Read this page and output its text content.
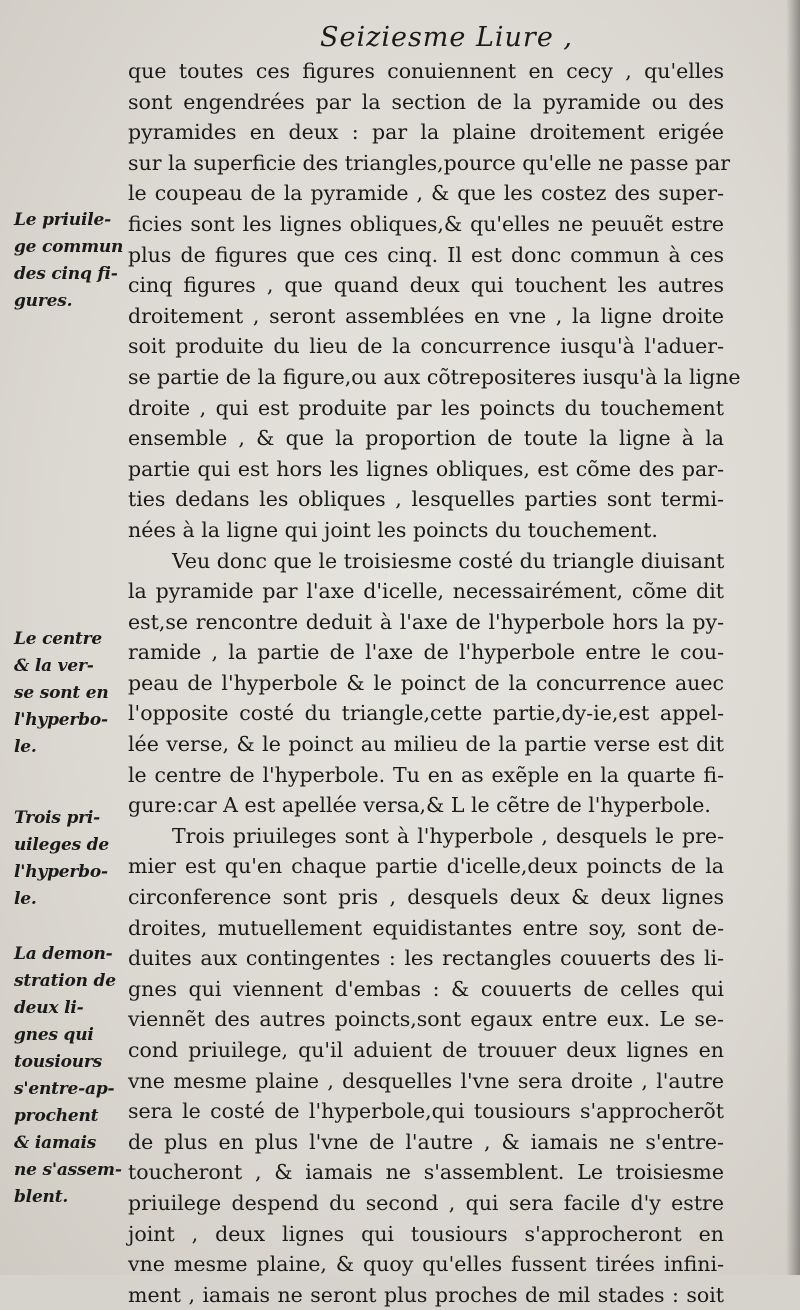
Seiziesme Liure ,
que toutes ces figures conuiennent en cecy , qu'elles
sont engendrées par la section de la pyramide ou des
pyramides en deux : par la plaine droitement erigée
sur la superficie des triangles,pource qu'elle ne passe par
le coupeau de la pyramide , & que les costez des super-
ficies sont les lignes obliques,& qu'elles ne peuuẽt estre
plus de figures que ces cinq. Il est donc commun à ces
cinq figures , que quand deux qui touchent les autres
droitement , seront assemblées en vne , la ligne droite
soit produite du lieu de la concurrence iusqu'à l'aduer-
se partie de la figure,ou aux cõtrepositeres iusqu'à la ligne
droite , qui est produite par les poincts du touchement
ensemble , & que la proportion de toute la ligne à la
partie qui est hors les lignes obliques, est cõme des par-
ties dedans les obliques , lesquelles parties sont termi-
nées à la ligne qui joint les poincts du touchement.
Veu donc que le troisiesme costé du triangle diuisant
la pyramide par l'axe d'icelle, necessairément, cõme dit
est,se rencontre deduit à l'axe de l'hyperbole hors la py-
ramide , la partie de l'axe de l'hyperbole entre le cou-
peau de l'hyperbole & le poinct de la concurrence auec
l'opposite costé du triangle,cette partie,dy-ie,est appel-
lée verse, & le poinct au milieu de la partie verse est dit
le centre de l'hyperbole. Tu en as exẽple en la quarte fi-
gure:car A est apellée versa,& L le cẽtre de l'hyperbole.
Trois priuileges sont à l'hyperbole , desquels le pre-
mier est qu'en chaque partie d'icelle,deux poincts de la
circonference sont pris , desquels deux & deux lignes
droites, mutuellement equidistantes entre soy, sont de-
duites aux contingentes : les rectangles couuerts des li-
gnes qui viennent d'embas : & couuerts de celles qui
viennẽt des autres poincts,sont egaux entre eux. Le se-
cond priuilege, qu'il aduient de trouuer deux lignes en
vne mesme plaine , desquelles l'vne sera droite , l'autre
sera le costé de l'hyperbole,qui tousiours s'approcherõt
de plus en plus l'vne de l'autre , & iamais ne s'entre-
toucheront , & iamais ne s'assemblent. Le troisiesme
priuilege despend du second , qui sera facile d'y estre
joint , deux lignes qui tousiours s'approcheront en
vne mesme plaine, & quoy qu'elles fussent tirées infini-
ment , iamais ne seront plus proches de mil stades : soit
Le priuile-
ge commun
des cinq fi-
gures.
Le centre
& la ver-
se sont en
l'hyperbo-
le.
Trois pri-
uileges de
l'hyperbo-
le.
La demon-
stration de
deux li-
gnes qui
tousiours
s'entre-ap-
prochent
& iamais
ne s'assem-
blent.
